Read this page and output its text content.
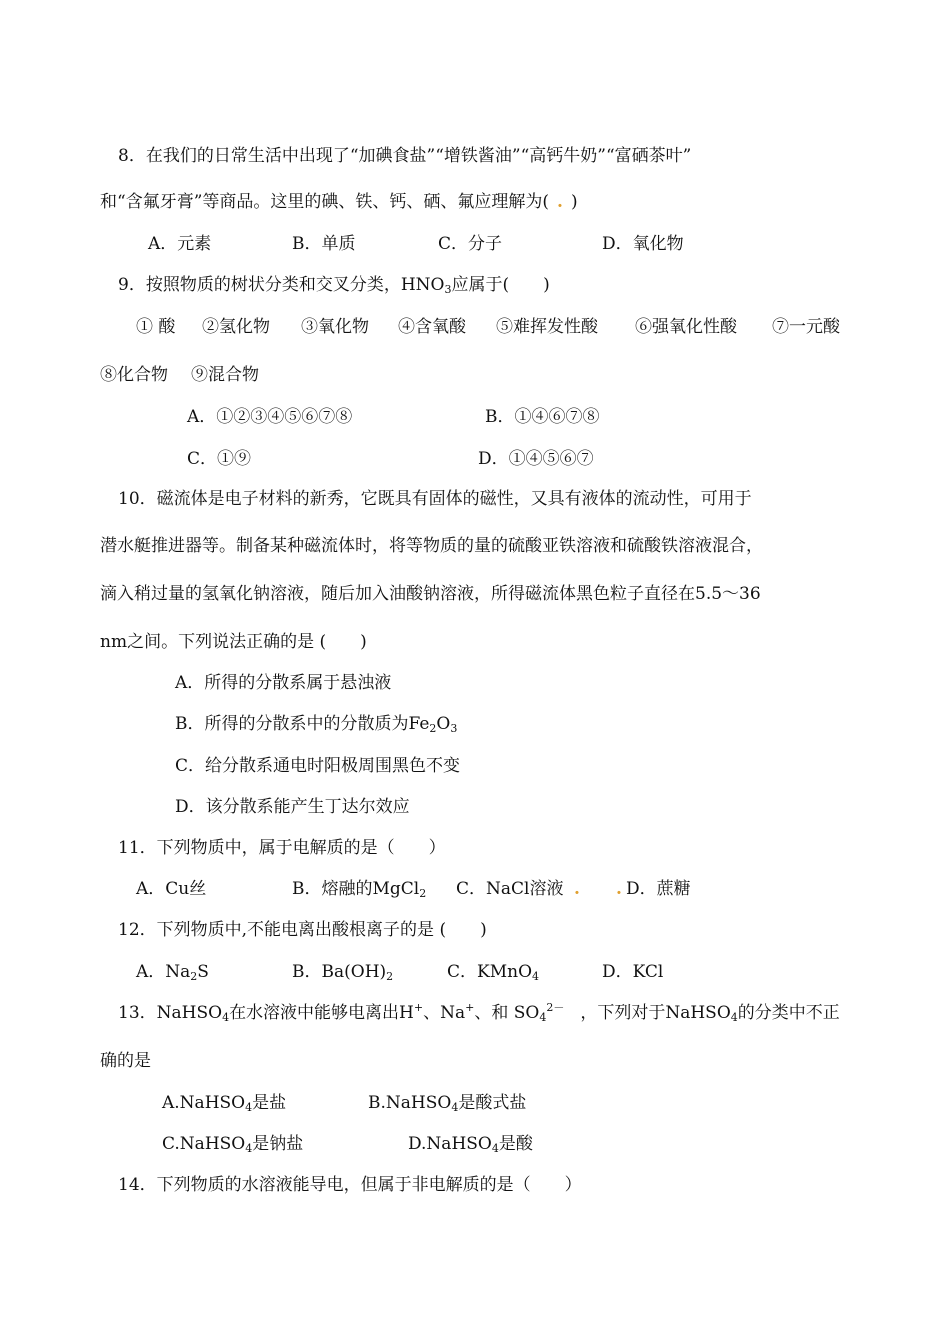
8．在我们的日常生活中出现了“加碘食盐”“增铁酱油”“高钙牛奶”“富硒茶叶”
和“含氟牙膏”等商品。这里的碘、铁、钙、硒、氟应理解为( . )
A．元素	B．单质	C．分子	D．氧化物
9．按照物质的树状分类和交叉分类，$HNO_3$应属于(　　)
① 酸 ②氢化物 ③氧化物 ④含氧酸 ⑤难挥发性酸 ⑥强氧化性酸 ⑦一元酸
⑧化合物 ⑨混合物
A．①②③④⑤⑥⑦⑧	B．①④⑥⑦⑧
C．①⑨	D．①④⑤⑥⑦
10．磁流体是电子材料的新秀，它既具有固体的磁性，又具有液体的流动性，可用于
潜水艇推进器等。制备某种磁流体时，将等物质的量的硫酸亚铁溶液和硫酸铁溶液混合，
滴入稍过量的氢氧化钠溶液，随后加入油酸钠溶液，所得磁流体黑色粒子直径在5.5～36
nm之间。下列说法正确的是 (　　)
A．所得的分散系属于悬浊液
B．所得的分散系中的分散质为$Fe_2O_3$
C．给分散系通电时阳极周围黑色不变
D．该分散系能产生丁达尔效应
11．下列物质中，属于电解质的是（　　）
A．Cu丝	B．熔融的MgCl$_2$ C．NaCl溶液 . . D．蔗糖
12．下列物质中,不能电离出酸根离子的是 (　　)
A．$Na_2S$	B．$Ba(OH)_2$	C．KMnO$_4$	D．KCl
13．NaHSO$_4$在水溶液中能够电离出H+、Na+、和 $SO_4^{2-}$ ，下列对于NaHSO$_4$的分类中不正
确的是
A.NaHSO$_4$是盐	B.NaHSO$_4$是酸式盐
C.NaHSO$_4$是钠盐	D.NaHSO$_4$是酸
14．下列物质的水溶液能导电，但属于非电解质的是（　　）
